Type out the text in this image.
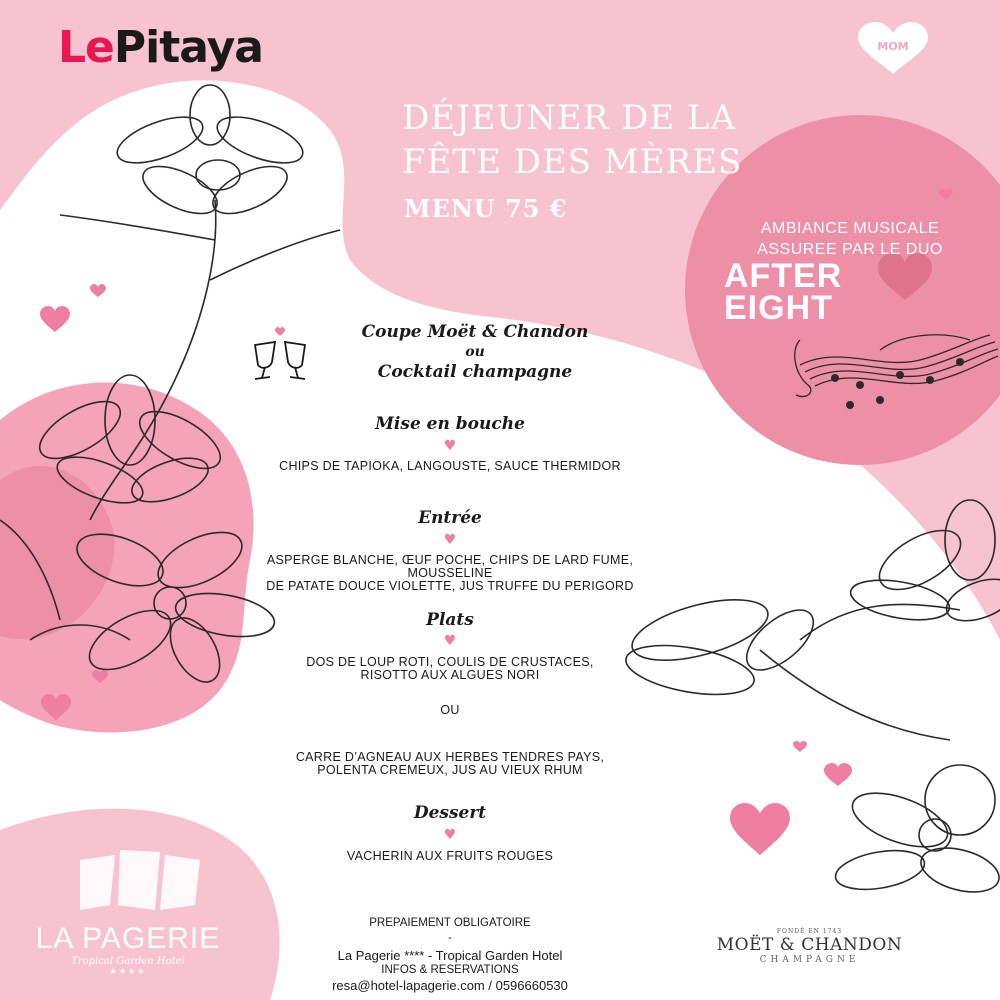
LePitaya	MOM
DÉJEUNER DE LA
FÊTE DES MÈRES
MENU 75 €
AMBIANCE MUSICALE
ASSUREE PAR LE DUO
AFTER
EIGHT
Coupe Moët & Chandon
ou
Cocktail champagne
Mise en bouche
♥
CHIPS DE TAPIOKA, LANGOUSTE, SAUCE THERMIDOR
Entrée
♥
ASPERGE BLANCHE, ŒUF POCHE, CHIPS DE LARD FUME, MOUSSELINE
DE PATATE DOUCE VIOLETTE, JUS TRUFFE DU PERIGORD
Plats
♥
DOS DE LOUP ROTI, COULIS DE CRUSTACES,
RISOTTO AUX ALGUES NORI
OU
CARRE D’AGNEAU AUX HERBES TENDRES PAYS,
POLENTA CREMEUX, JUS AU VIEUX RHUM
Dessert
♥
VACHERIN AUX FRUITS ROUGES
PREPAIEMENT OBLIGATOIRE
-
La Pagerie **** - Tropical Garden Hotel
INFOS & RESERVATIONS
resa@hotel-lapagerie.com / 0596660530
LA PAGERIE
Tropical Garden Hotel
★★★★
FONDÉ EN 1743
MOËT & CHANDON
CHAMPAGNE
